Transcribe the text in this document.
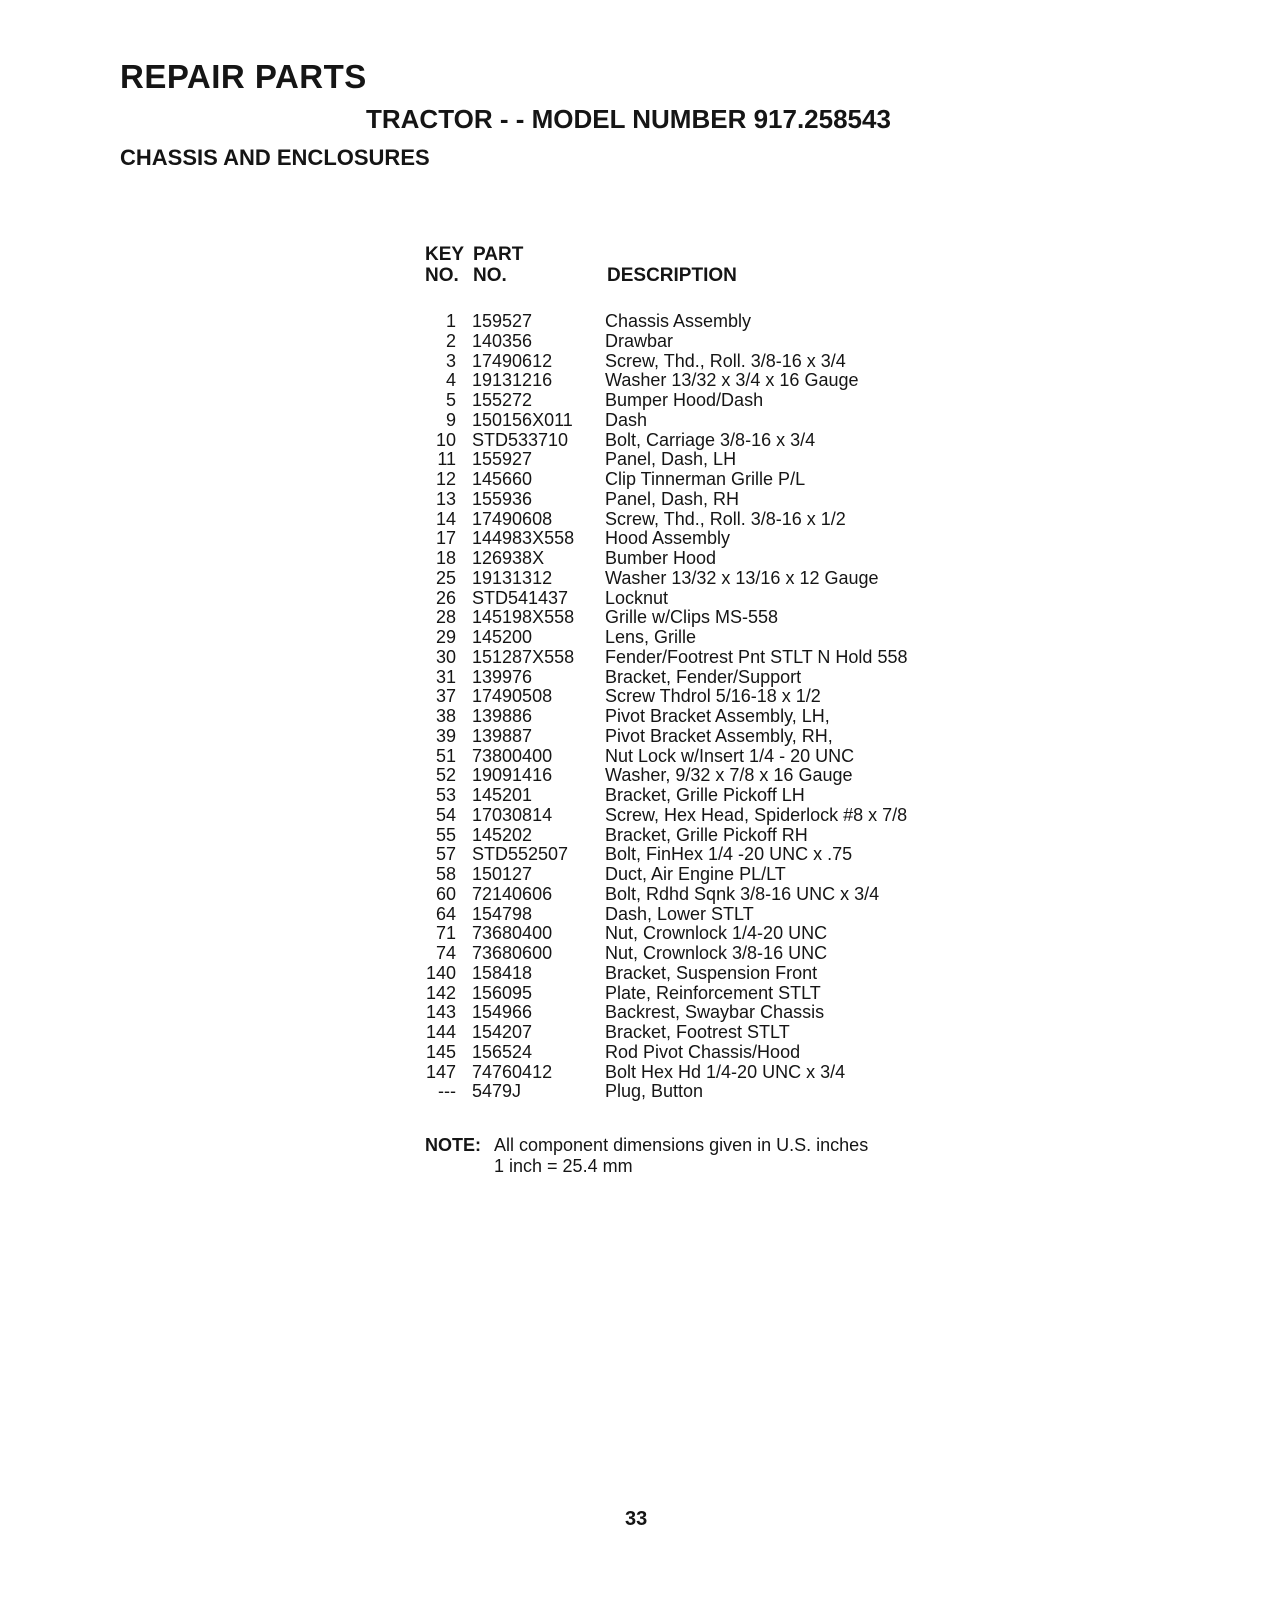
REPAIR PARTS
TRACTOR - - MODEL NUMBER 917.258543
CHASSIS AND ENCLOSURES
KEY
NO.
PART
NO.	DESCRIPTION
1 159527	Chassis Assembly
2 140356	Drawbar
3 17490612	Screw, Thd., Roll. 3/8-16 x 3/4
4 19131216	Washer 13/32 x 3/4 x 16 Gauge
5 155272	Bumper Hood/Dash
9 150156X011 Dash
10 STD533710 Bolt, Carriage 3/8-16 x 3/4
11 155927	Panel, Dash, LH
12 145660	Clip Tinnerman Grille P/L
13 155936	Panel, Dash, RH
14 17490608	Screw, Thd., Roll. 3/8-16 x 1/2
17 144983X558 Hood Assembly
18 126938X	Bumber Hood
25 19131312	Washer 13/32 x 13/16 x 12 Gauge
26 STD541437 Locknut
28 145198X558 Grille w/Clips MS-558
29 145200	Lens, Grille
30 151287X558 Fender/Footrest Pnt STLT N Hold 558
31 139976	Bracket, Fender/Support
37 17490508	Screw Thdrol 5/16-18 x 1/2
38 139886	Pivot Bracket Assembly, LH,
39 139887	Pivot Bracket Assembly, RH,
51 73800400	Nut Lock w/Insert 1/4 - 20 UNC
52 19091416	Washer, 9/32 x 7/8 x 16 Gauge
53 145201	Bracket, Grille Pickoff LH
54 17030814	Screw, Hex Head, Spiderlock #8 x 7/8
55 145202	Bracket, Grille Pickoff RH
57 STD552507 Bolt, FinHex 1/4 -20 UNC x .75
58 150127	Duct, Air Engine PL/LT
60 72140606	Bolt, Rdhd Sqnk 3/8-16 UNC x 3/4
64 154798	Dash, Lower STLT
71 73680400	Nut, Crownlock 1/4-20 UNC
74 73680600	Nut, Crownlock 3/8-16 UNC
140 158418	Bracket, Suspension Front
142 156095	Plate, Reinforcement STLT
143 154966	Backrest, Swaybar Chassis
144 154207	Bracket, Footrest STLT
145 156524	Rod Pivot Chassis/Hood
147 74760412	Bolt Hex Hd 1/4-20 UNC x 3/4
--- 5479J	Plug, Button
NOTE: All component dimensions given in U.S. inches
1 inch = 25.4 mm
33
